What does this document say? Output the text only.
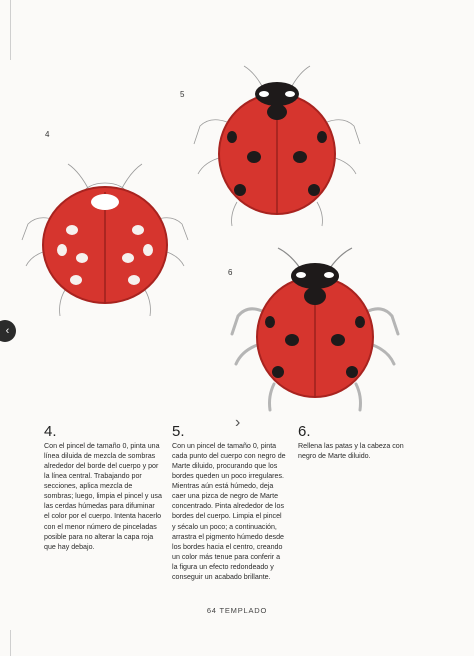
4
5
6
‹
›
4.

Con el pincel de tamaño 0, pinta una línea diluida de mezcla de sombras alrededor del borde del cuerpo y por la línea central. Trabajando por secciones, aplica mezcla de sombras; luego, limpia el pincel y usa las cerdas húmedas para difuminar el color por el cuerpo. Intenta hacerlo con el menor número de pinceladas posible para no alterar la capa roja que hay debajo.

5.

Con un pincel de tamaño 0, pinta cada punto del cuerpo con negro de Marte diluido, procurando que los bordes queden un poco irregulares. Mientras aún está húmedo, deja caer una pizca de negro de Marte concentrado. Pinta alrededor de los bordes del cuerpo. Limpia el pincel y sécalo un poco; a continuación, arrastra el pigmento húmedo desde los bordes hacia el centro, creando un color más tenue para conferir a la figura un efecto redondeado y conseguir un acabado brillante.

6.

Rellena las patas y la cabeza con negro de Marte diluido.

64 TEMPLADO
